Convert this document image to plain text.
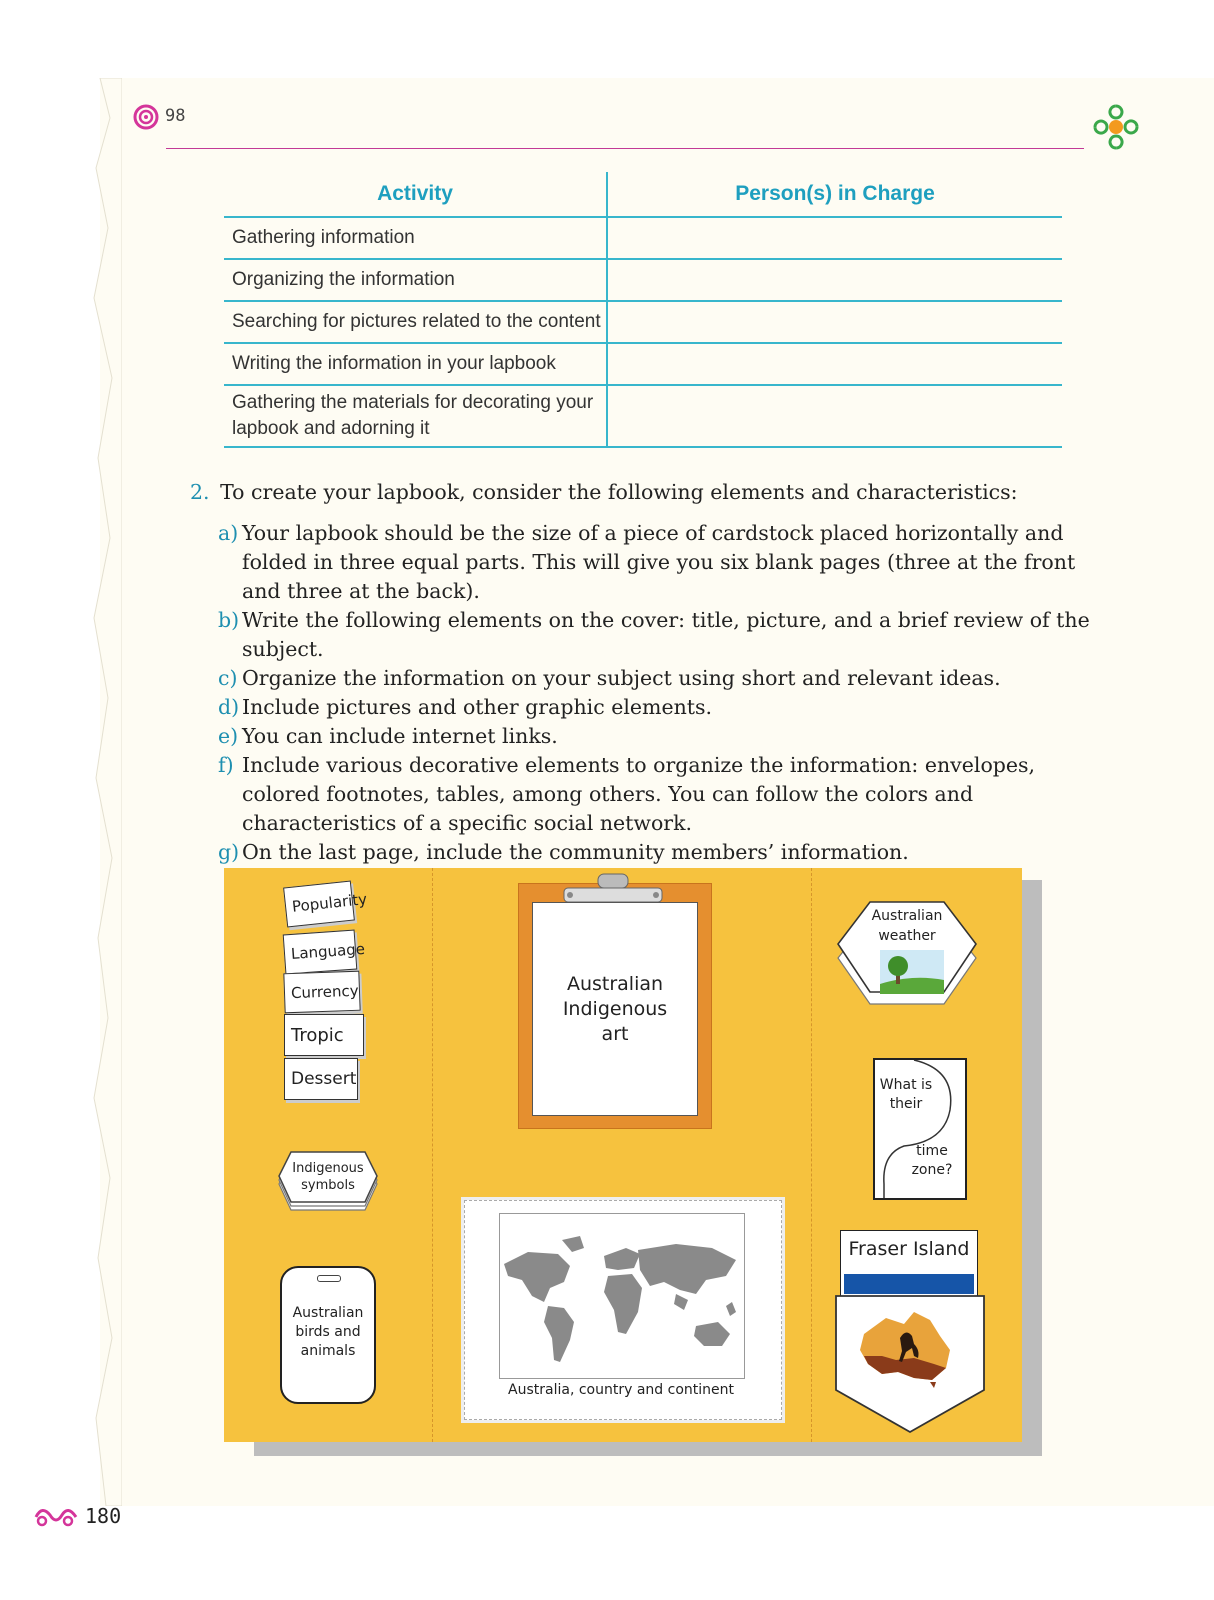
98
Activity	Person(s) in Charge
Gathering information	
Organizing the information	
Searching for pictures related to the content	
Writing the information in your lapbook	
Gathering the materials for decorating your lapbook and adorning it	

2. To create your lapbook, consider the following elements and characteristics:

a) Your lapbook should be the size of a piece of cardstock placed horizontally and folded in three equal parts. This will give you six blank pages (three at the front and three at the back).
b) Write the following elements on the cover: title, picture, and a brief review of the subject.
c) Organize the information on your subject using short and relevant ideas.
d) Include pictures and other graphic elements.
e) You can include internet links.
f) Include various decorative elements to organize the information: envelopes, colored footnotes, tables, among others. You can follow the colors and characteristics of a specific social network.
g) On the last page, include the community members’ information.
Popularity
Language
Currency
Tropic
Dessert
Indigenous symbols
Australian birds and animals
Australian Indigenous art
Australia, country and continent
Australian weather
What is their
time zone?
Fraser Island
180
